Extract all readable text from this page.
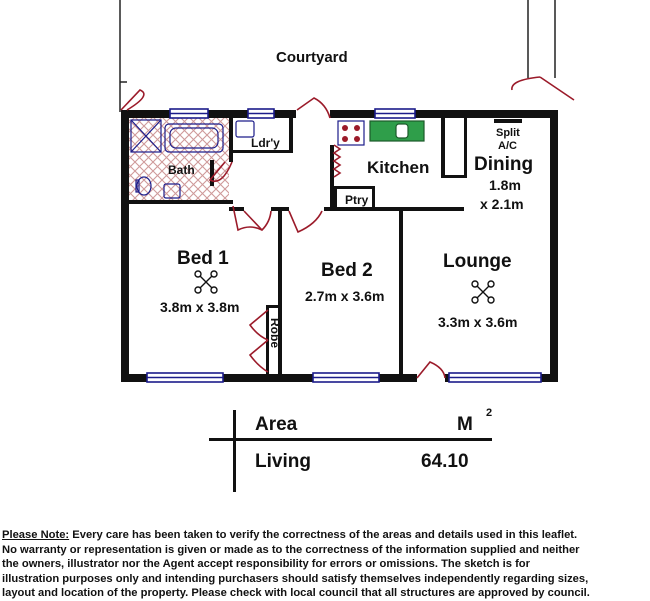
Courtyard
Bath
Ldr'y
Kitchen
Split
A/C
Dining
1.8m
x 2.1m
Ptry
Bed 1
3.8m x 3.8m
Bed 2
2.7m x 3.6m
Lounge
3.3m x 3.6m
Robe
Area	M
2
Living	64.10
Please Note: Every care has been taken to verify the correctness of the areas and details used in this leaflet.
No warranty or representation is given or made as to the correctness of the information supplied and neither
the owners, illustrator nor the Agent accept responsibility for errors or omissions. The sketch is for
illustration purposes only and intending purchasers should satisfy themselves independently regarding sizes,
layout and location of the property. Please check with local council that all structures are approved by council.
